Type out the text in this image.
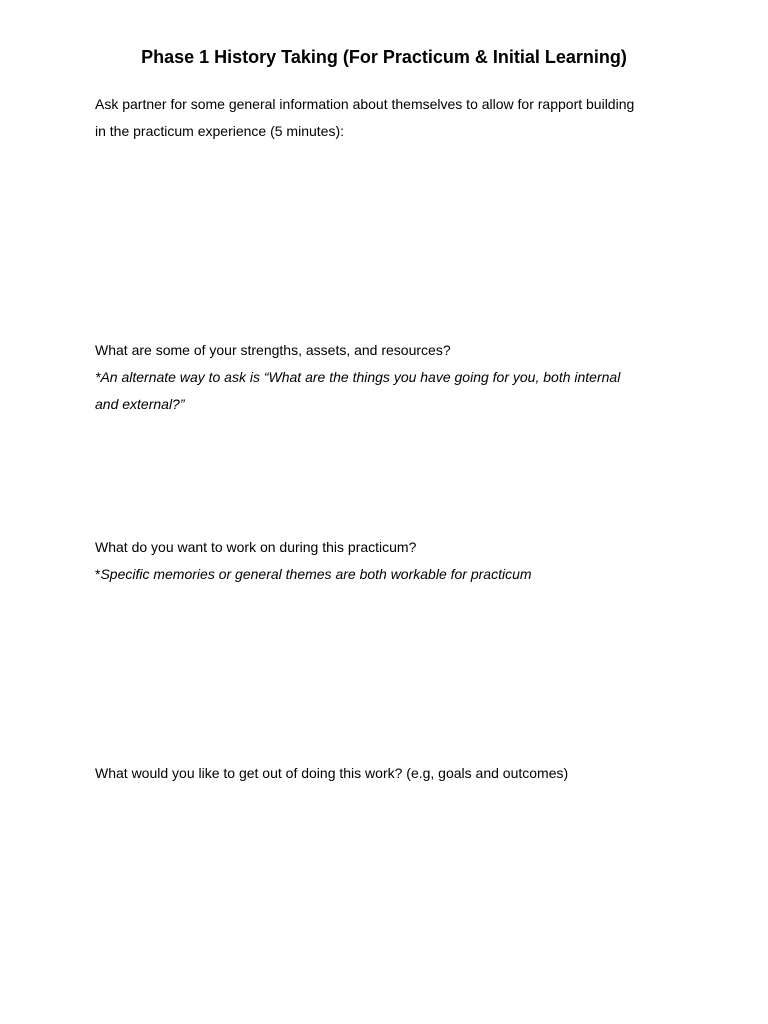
Phase 1 History Taking (For Practicum & Initial Learning)
Ask partner for some general information about themselves to allow for rapport building
in the practicum experience (5 minutes):
What are some of your strengths, assets, and resources?
*An alternate way to ask is “What are the things you have going for you, both internal
and external?”
What do you want to work on during this practicum?
*Specific memories or general themes are both workable for practicum
What would you like to get out of doing this work? (e.g, goals and outcomes)
